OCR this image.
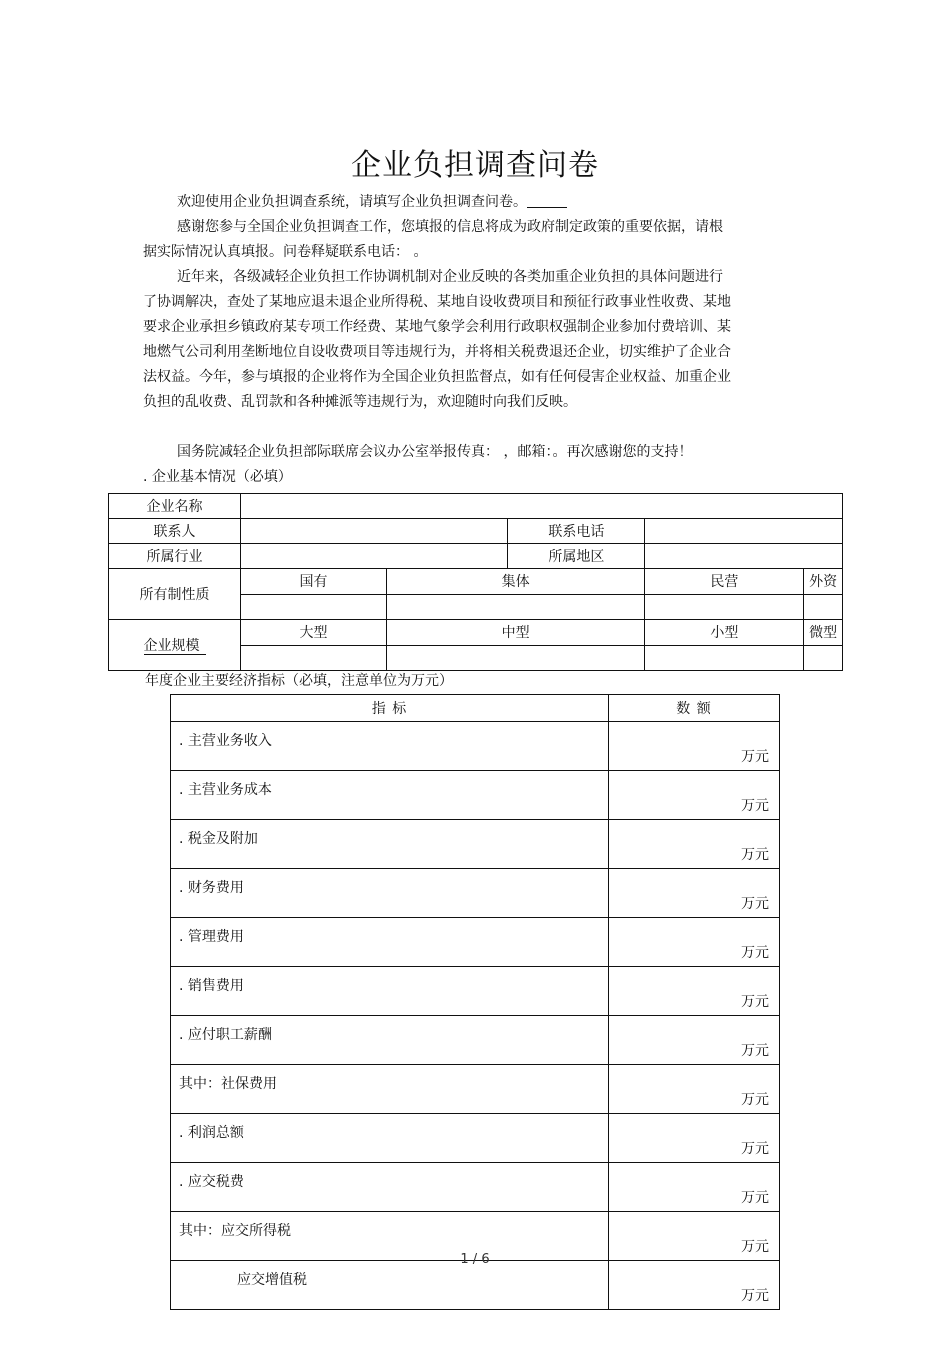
企业负担调查问卷
欢迎使用企业负担调查系统，请填写企业负担调查问卷。
感谢您参与全国企业负担调查工作，您填报的信息将成为政府制定政策的重要依据，请根据实际情况认真填报。问卷释疑联系电话： 。
近年来，各级减轻企业负担工作协调机制对企业反映的各类加重企业负担的具体问题进行了协调解决，查处了某地应退未退企业所得税、某地自设收费项目和预征行政事业性收费、某地要求企业承担乡镇政府某专项工作经费、某地气象学会利用行政职权强制企业参加付费培训、某地燃气公司利用垄断地位自设收费项目等违规行为，并将相关税费退还企业，切实维护了企业合法权益。今年，参与填报的企业将作为全国企业负担监督点，如有任何侵害企业权益、加重企业负担的乱收费、乱罚款和各种摊派等违规行为，欢迎随时向我们反映。
国务院减轻企业负担部际联席会议办公室举报传真： ，邮箱：。再次感谢您的支持！
. 企业基本情况（必填）
企业名称					
联系人			联系电话		
所属行业			所属地区		
所有制性质	国有	集体		民营	外资

企业规模	大型	中型		小型	微型

年度企业主要经济指标（必填，注意单位为万元）
指 标	数 额
. 主营业务收入	万元
. 主营业务成本	万元
. 税金及附加	万元
. 财务费用	万元
. 管理费用	万元
. 销售费用	万元
. 应付职工薪酬	万元
其中：社保费用	万元
. 利润总额	万元
. 应交税费	万元
其中：应交所得税	万元
应交增值税	万元
1 / 6
